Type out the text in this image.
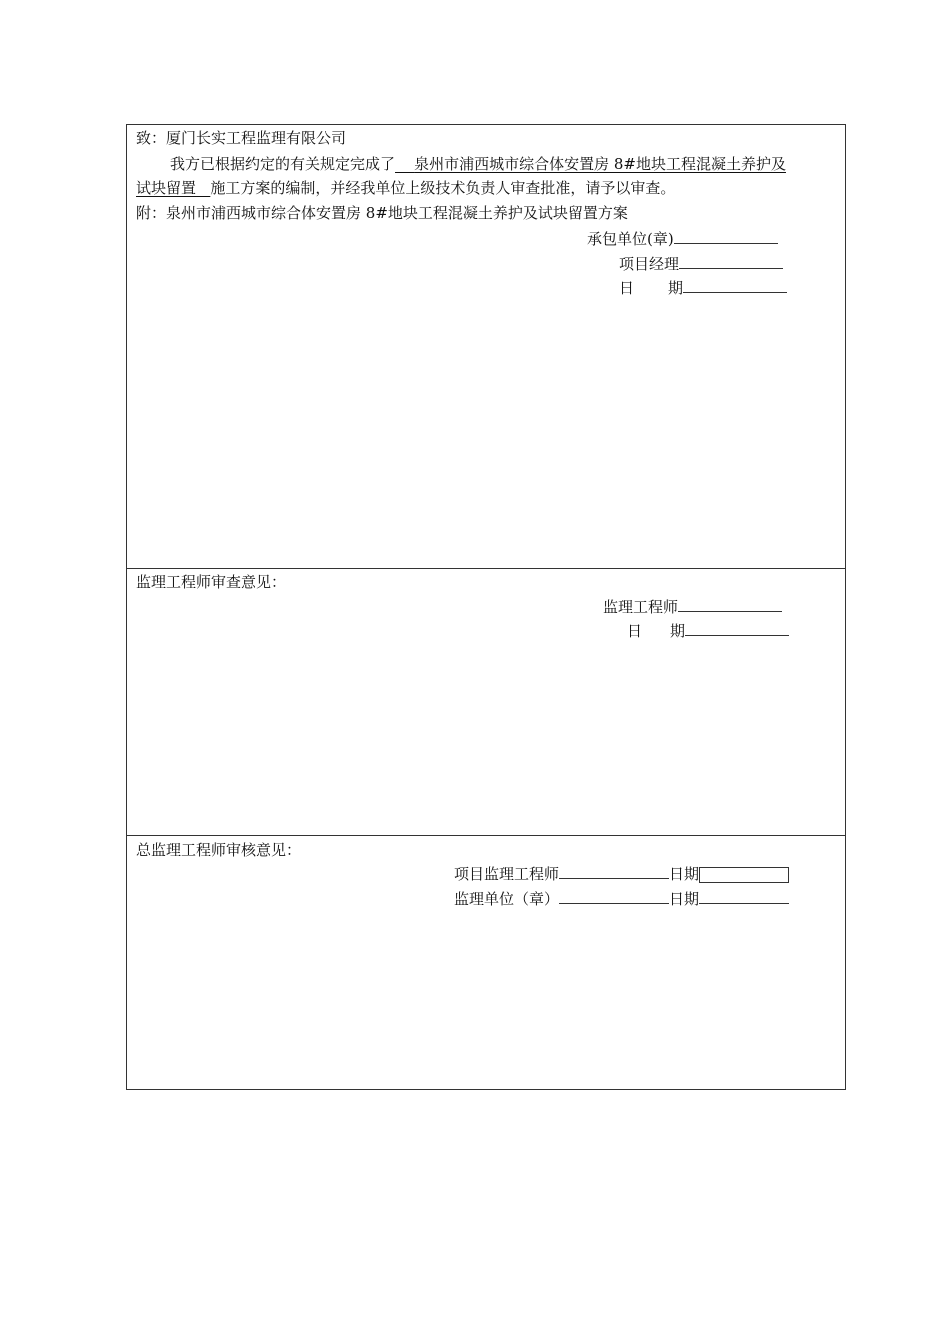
致：厦门长实工程监理有限公司
我方已根据约定的有关规定完成了 泉州市浦西城市综合体安置房 8#地块工程混凝土养护及
试块留置 施工方案的编制，并经我单位上级技术负责人审查批准，请予以审查。
附：泉州市浦西城市综合体安置房 8#地块工程混凝土养护及试块留置方案
承包单位(章)
项目经理
日 期
监理工程师审查意见：
监理工程师
日 期
总监理工程师审核意见：
项目监理工程师	日期
监理单位（章）	日期
